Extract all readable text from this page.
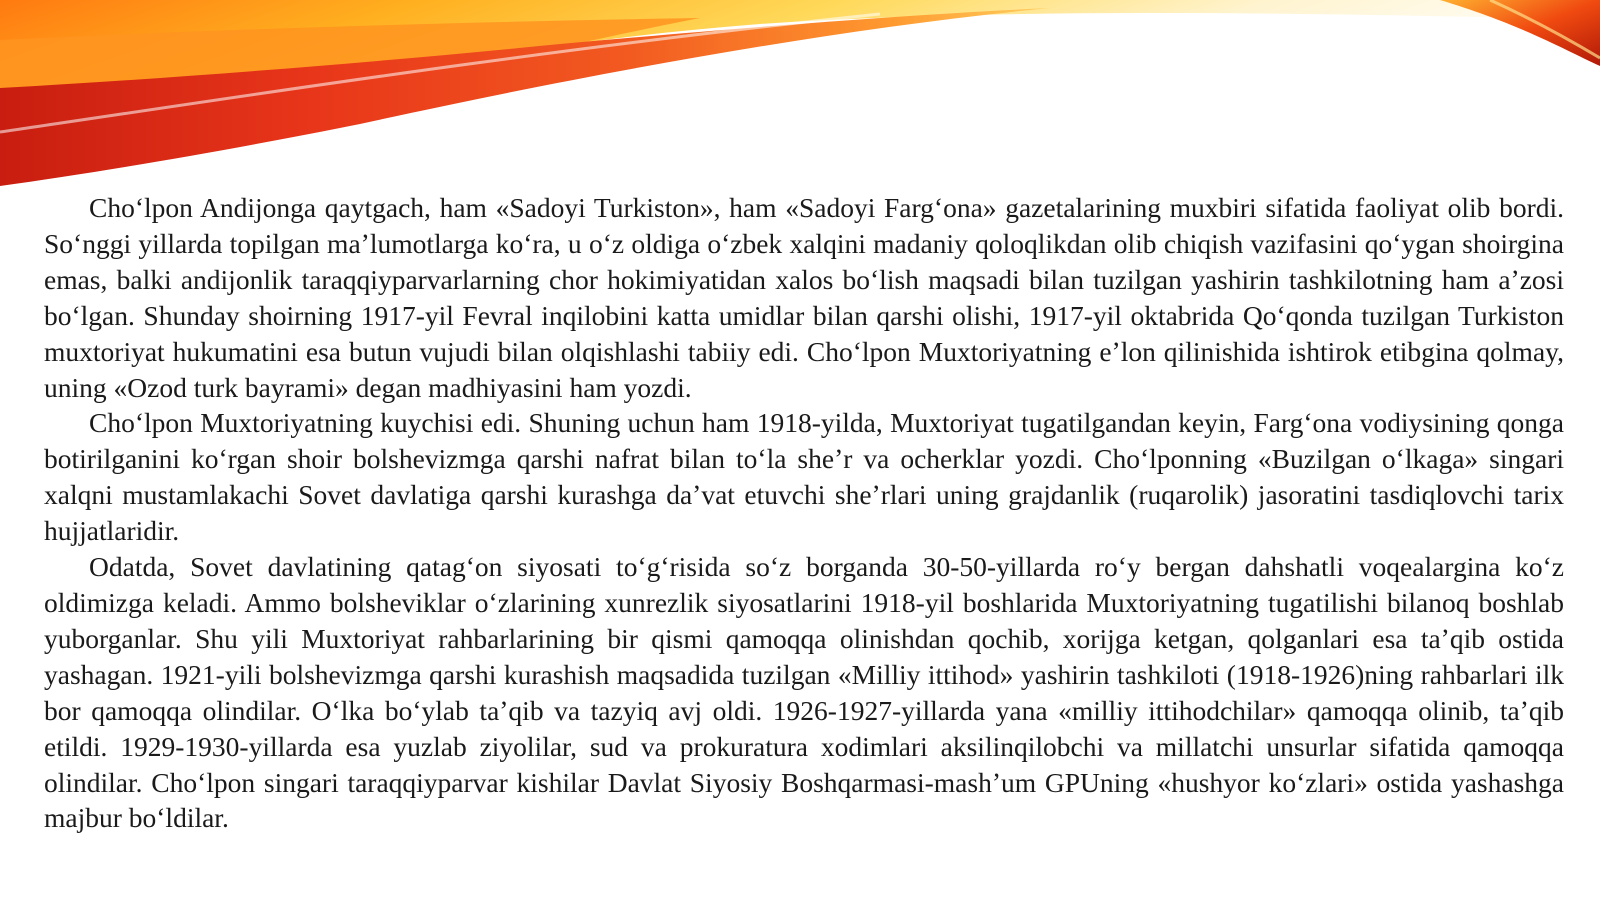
Choʻlpon Andijonga qaytgach, ham «Sadoyi Turkiston», ham «Sadoyi Fargʻona» gazetalarining muxbiri sifatida faoliyat olib bordi. Soʻnggi yillarda topilgan maʼlumotlarga koʻra, u oʻz oldiga oʻzbek xalqini madaniy qoloqlikdan olib chiqish vazifasini qoʻygan shoirgina emas, balki andijonlik taraqqiyparvarlarning chor hokimiyatidan xalos boʻlish maqsadi bilan tuzilgan yashirin tashkilotning ham aʼzosi boʻlgan. Shunday shoirning 1917-yil Fevral inqilobini katta umidlar bilan qarshi olishi, 1917-yil oktabrida Qoʻqonda tuzilgan Turkiston muxtoriyat hukumatini esa butun vujudi bilan olqishlashi tabiiy edi. Choʻlpon Muxtoriyatning eʼlon qilinishida ishtirok etibgina qolmay, uning «Ozod turk bayrami» degan madhiyasini ham yozdi.

Choʻlpon Muxtoriyatning kuychisi edi. Shuning uchun ham 1918-yilda, Muxtoriyat tugatilgandan keyin, Fargʻona vodiysining qonga botirilganini koʻrgan shoir bolshevizmga qarshi nafrat bilan toʻla sheʼr va ocherklar yozdi. Choʻlponning «Buzilgan oʻlkaga» singari xalqni mustamlakachi Sovet davlatiga qarshi kurashga daʼvat etuvchi sheʼrlari uning grajdanlik (ruqarolik) jasoratini tasdiqlovchi tarix hujjatlaridir.

Odatda, Sovet davlatining qatagʻon siyosati toʻgʻrisida soʻz borganda 30-50-yillarda roʻy bergan dahshatli voqealargina koʻz oldimizga keladi. Ammo bolsheviklar oʻzlarining xunrezlik siyosatlarini 1918-yil boshlarida Muxtoriyatning tugatilishi bilanoq boshlab yuborganlar. Shu yili Muxtoriyat rahbarlarining bir qismi qamoqqa olinishdan qochib, xorijga ketgan, qolganlari esa taʼqib ostida yashagan. 1921-yili bolshevizmga qarshi kurashish maqsadida tuzilgan «Milliy ittihod» yashirin tashkiloti (1918-1926)ning rahbarlari ilk bor qamoqqa olindilar. Oʻlka boʻylab taʼqib va tazyiq avj oldi. 1926-1927-yillarda yana «milliy ittihodchilar» qamoqqa olinib, taʼqib etildi. 1929-1930-yillarda esa yuzlab ziyolilar, sud va prokuratura xodimlari aksilinqilobchi va millatchi unsurlar sifatida qamoqqa olindilar. Choʻlpon singari taraqqiyparvar kishilar Davlat Siyosiy Boshqarmasi-mashʼum GPUning «hushyor koʻzlari» ostida yashashga majbur boʻldilar.
